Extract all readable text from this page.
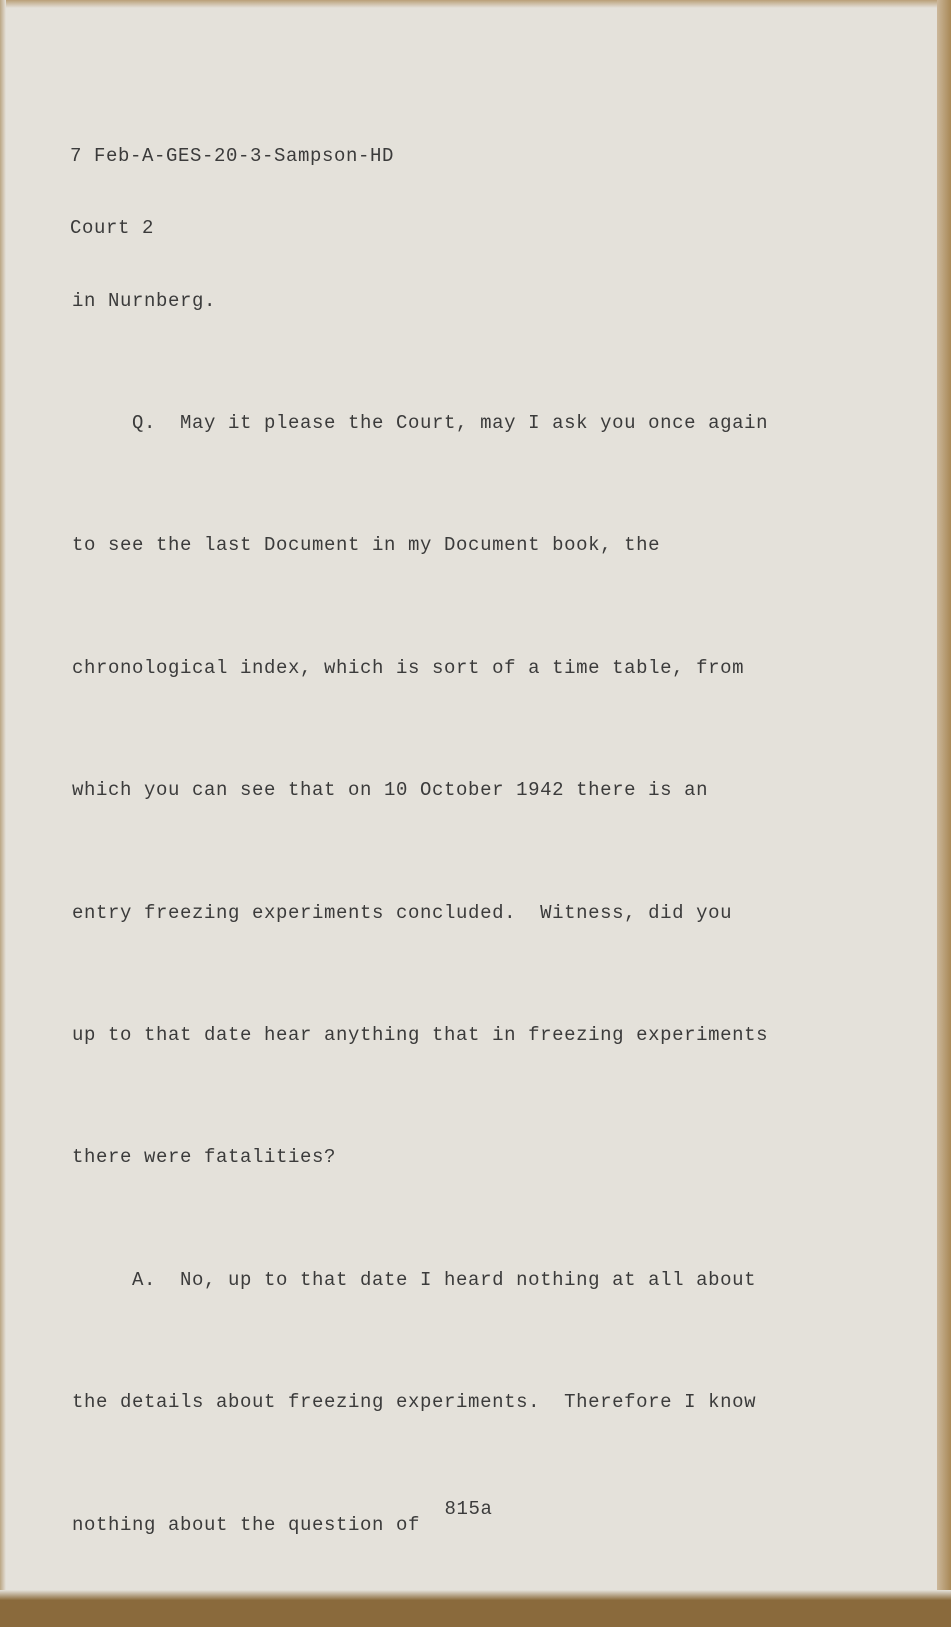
7 Feb-A-GES-20-3-Sampson-HD

Court 2

in Nurnberg.

Q.  May it please the Court, may I ask you once again

to see the last Document in my Document book, the

chronological index, which is sort of a time table, from

which you can see that on 10 October 1942 there is an

entry freezing experiments concluded.  Witness, did you

up to that date hear anything that in freezing experiments

there were fatalities?

A.  No, up to that date I heard nothing at all about

the details about freezing experiments.  Therefore I know

nothing about the question of

815a
